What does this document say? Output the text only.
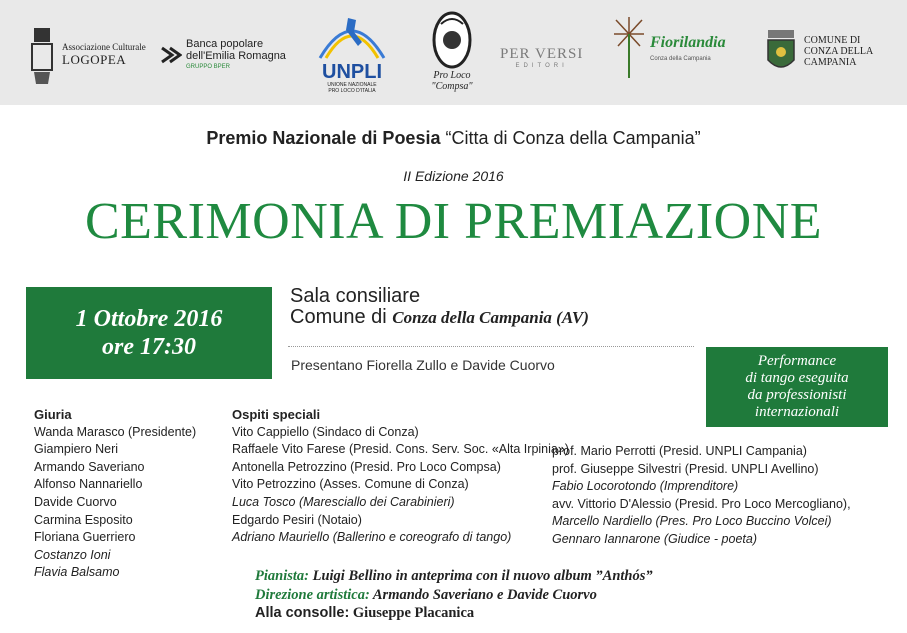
Associazione Culturale
LOGOPEA
Banca popolare
dell'Emilia Romagna
GRUPPO BPER	UNPLI
UNIONE NAZIONALE
PRO LOCO D'ITALIA
Pro Loco
"Compsa"
PER VERSI
EDITORI
Fiorilandia
Conza della Campania
COMUNE DI
CONZA DELLA
CAMPANIA
Premio Nazionale di Poesia “Citta di Conza della Campania”
II Edizione 2016
CERIMONIA DI PREMIAZIONE
1 Ottobre 2016
ore 17:30
Sala consiliare
Comune di Conza della Campania (AV)
Presentano Fiorella Zullo e Davide Cuorvo	Performance
di tango eseguita
da professionisti
internazionali
Giuria
Wanda Marasco (Presidente)
Giampiero Neri
Armando Saveriano
Alfonso Nannariello
Davide Cuorvo
Carmina Esposito
Floriana Guerriero
Costanzo Ioni
Flavia Balsamo
Ospiti speciali
Vito Cappiello (Sindaco di Conza)
Raffaele Vito Farese (Presid. Cons. Serv. Soc. «Alta Irpinia»)
Antonella Petrozzino (Presid. Pro Loco Compsa)
Vito Petrozzino (Asses. Comune di Conza)
Luca Tosco (Maresciallo dei Carabinieri)
Edgardo Pesiri (Notaio)
Adriano Mauriello (Ballerino e coreografo di tango)
prof. Mario Perrotti (Presid. UNPLI Campania)
prof. Giuseppe Silvestri (Presid. UNPLI Avellino)
Fabio Locorotondo (Imprenditore)
avv. Vittorio D'Alessio (Presid. Pro Loco Mercogliano),
Marcello Nardiello (Pres. Pro Loco Buccino Volcei)
Gennaro Iannarone (Giudice - poeta)
Pianista: Luigi Bellino in anteprima con il nuovo album ”Anthós”
Direzione artistica: Armando Saveriano e Davide Cuorvo
Alla consolle: Giuseppe Placanica
